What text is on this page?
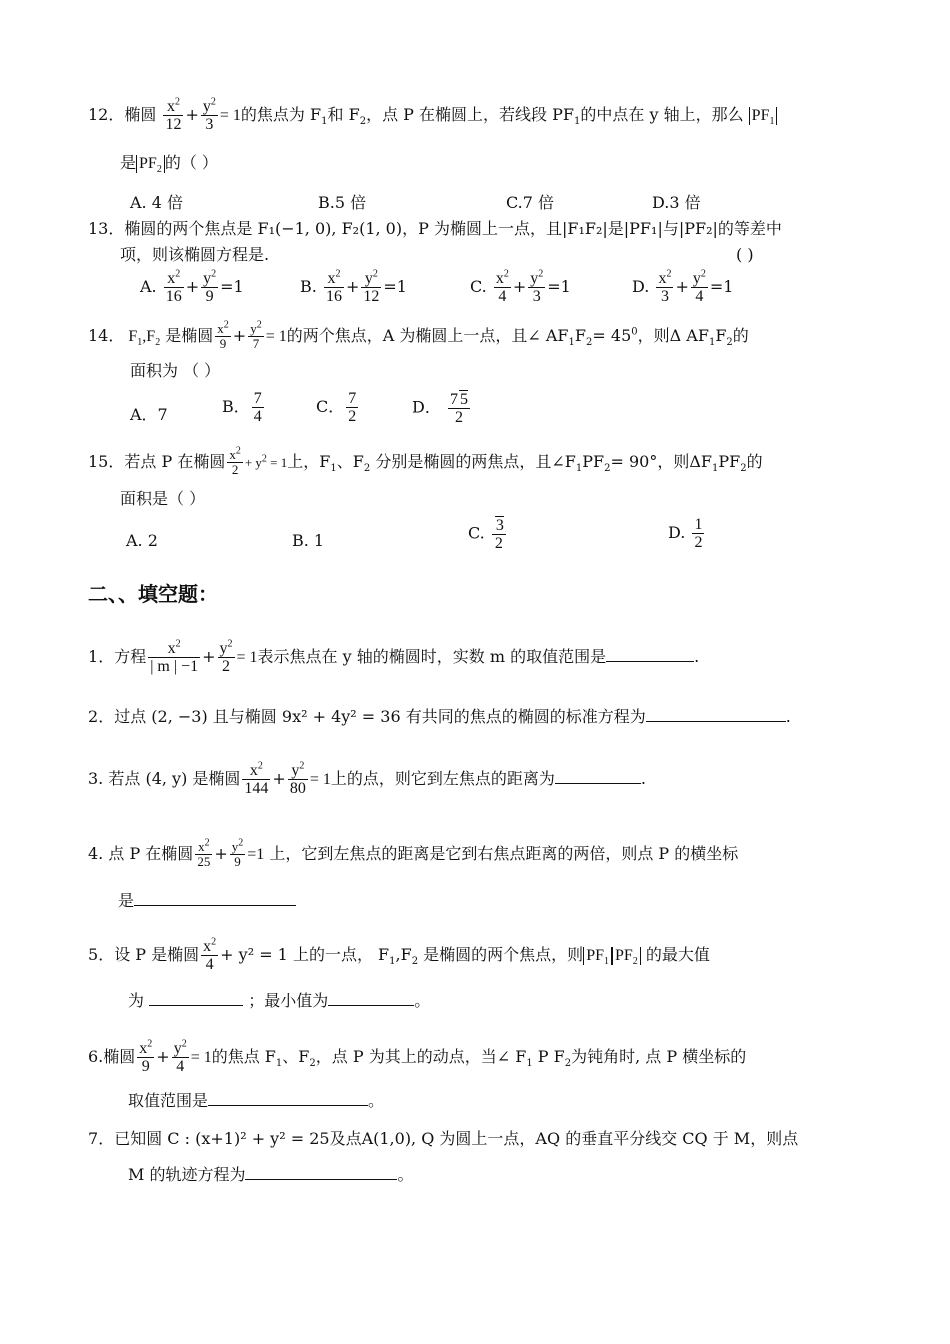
12．椭圆 $\frac{x^2}{12} + \frac{y^2}{3} = 1$的焦点为 $F_1$和 $F_2$，点 P 在椭圆上，若线段 $PF_1$的中点在 y 轴上，那么 $PF_1$
是 $PF_2$ 的（ ）
A. 4 倍	B.5 倍	C.7 倍	D.3 倍
13．椭圆的两个焦点是 F₁(−1, 0), F₂(1, 0)，P 为椭圆上一点，且|F₁F₂|是|PF₁|与|PF₂|的等差中
项，则该椭圆方程是.	( )
A. $\frac{x^2}{16} + \frac{y^2}{9} =1$	B. $\frac{x^2}{16} + \frac{y^2}{12} =1$	C. $\frac{x^2}{4} + \frac{y^2}{3} =1$	D. $\frac{x^2}{3} + \frac{y^2}{4} =1$
14． $F_1,F_2$ 是椭圆 $\frac{x^2}{9} + \frac{y^2}{7} = 1$的两个焦点，A 为椭圆上一点，且∠ $AF_1F_2= 45^0$，则Δ $AF_1F_2$的
面积为 （ ）
A．7	B． $\frac{7}{4}$	C． $\frac{7}{2}$	D． $\frac{7 5}{2}$
15．若点 P 在椭圆 $\frac{x^2}{2} + y^2 = 1$上，$F_1$、$F_2$ 分别是椭圆的两焦点，且$\angle F_1PF_2= 90^\circ$，则$\Delta F_1PF_2$的
面积是（ ）
A. 2	B. 1	C. $\frac{3}{2}$	D. $\frac{1}{2}$
二、、填空题：
1．方程 $\frac{x^2}{| m | -1} + \frac{y^2}{2} = 1$表示焦点在 y 轴的椭圆时，实数 m 的取值范围是	.
2．过点 (2, −3) 且与椭圆 9x² + 4y² = 36 有共同的焦点的椭圆的标准方程为	.
3. 若点 (4, y) 是椭圆 $\frac{x^2}{144} + \frac{y^2}{80} = 1$上的点，则它到左焦点的距离为	.
4. 点 P 在椭圆 $\frac{x^2}{25} + \frac{y^2}{9} =1$ 上，它到左焦点的距离是它到右焦点距离的两倍，则点 P 的横坐标
是
5．设 P 是椭圆 $\frac{x^2}{4} + y^2 = 1$ 上的一点， $F_1,F_2$ 是椭圆的两个焦点，则 $PF_1$ $PF_2$ 的最大值
为	；最小值为	。
6.椭圆 $\frac{x^2}{9} + \frac{y^2}{4} = 1$的焦点 $F_1$、$F_2$，点 P 为其上的动点，当∠ $F_1$ P $F_2$为钝角时, 点 P 横坐标的
取值范围是	。
7．已知圆 C : (x+1)² + y² = 25及点A(1,0), Q 为圆上一点，AQ 的垂直平分线交 CQ 于 M，则点
M 的轨迹方程为	。
